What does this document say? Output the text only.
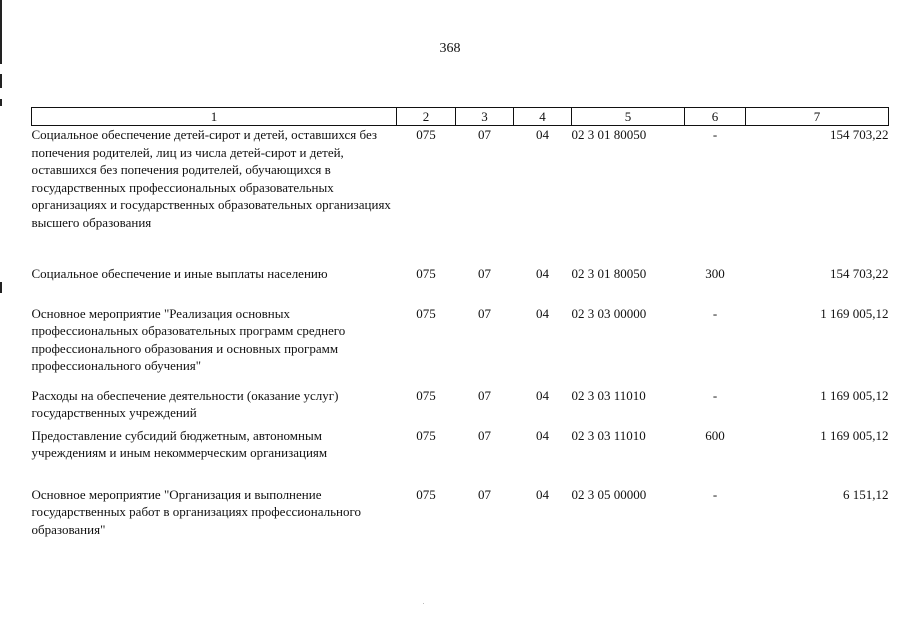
368
1	2	3	4	5	6	7
Социальное обеспечение детей-сирот и детей, оставшихся без попечения родителей, лиц из числа детей-сирот и детей, оставшихся без попечения родителей, обучающихся в государственных профессиональных образовательных организациях и государственных образовательных организациях высшего образования	075	07	04	02 3 01 80050	-	154 703,22
Социальное обеспечение и иные выплаты населению	075	07	04	02 3 01 80050	300	154 703,22
Основное мероприятие "Реализация основных профессиональных образовательных программ среднего профессионального образования и основных программ профессионального обучения"	075	07	04	02 3 03 00000	-	1 169 005,12
Расходы на обеспечение деятельности (оказание услуг) государственных учреждений	075	07	04	02 3 03 11010	-	1 169 005,12
Предоставление субсидий бюджетным, автономным учреждениям и иным некоммерческим организациям	075	07	04	02 3 03 11010	600	1 169 005,12
Основное мероприятие "Организация и выполнение государственных работ в организациях профессионального образования"	075	07	04	02 3 05 00000	-	6 151,12
